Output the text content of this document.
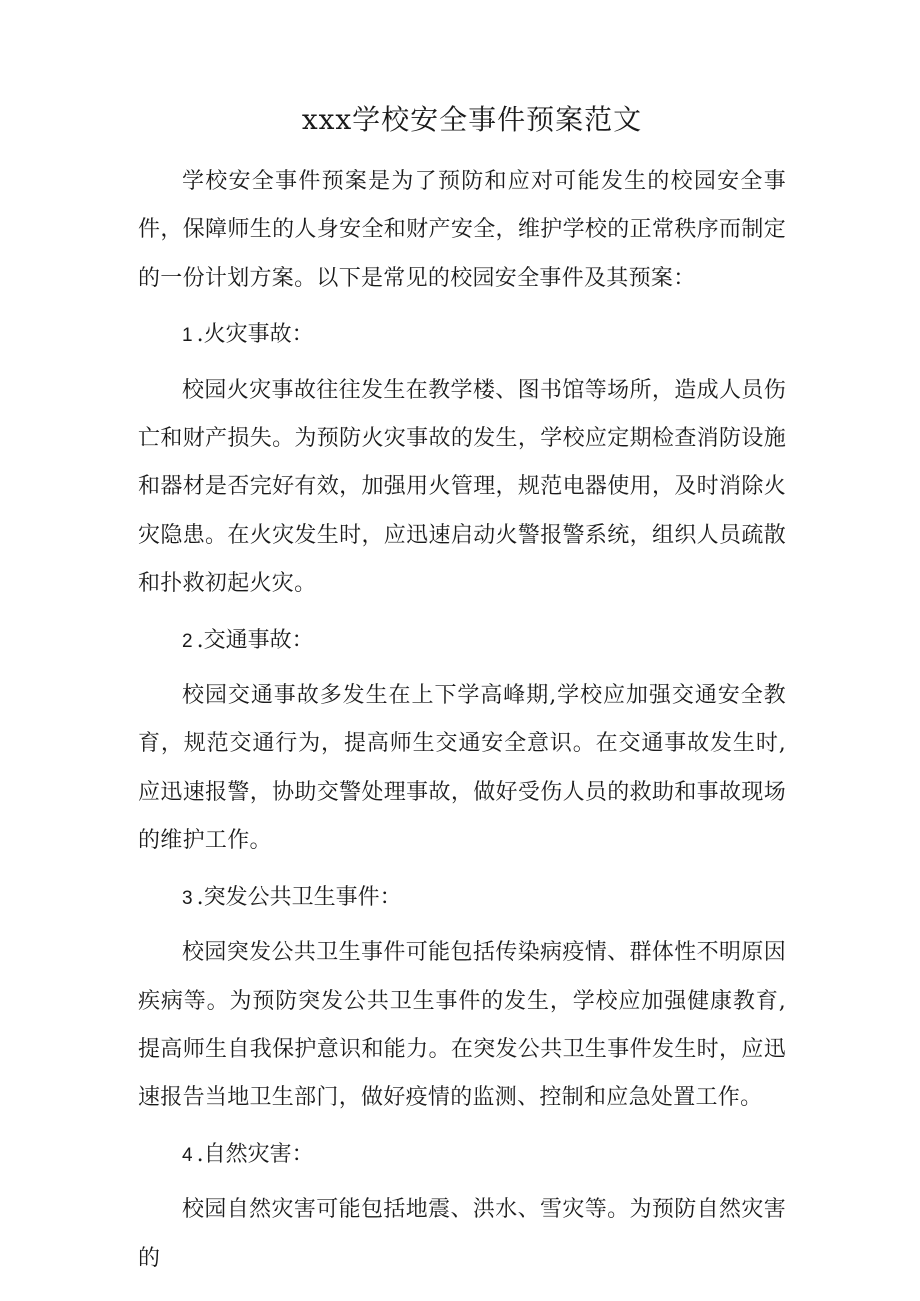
xxx学校安全事件预案范文

学校安全事件预案是为了预防和应对可能发生的校园安全事件，保障师生的人身安全和财产安全，维护学校的正常秩序而制定的一份计划方案。以下是常见的校园安全事件及其预案：

1 .火灾事故：

校园火灾事故往往发生在教学楼、图书馆等场所，造成人员伤亡和财产损失。为预防火灾事故的发生，学校应定期检查消防设施和器材是否完好有效，加强用火管理，规范电器使用，及时消除火灾隐患。在火灾发生时，应迅速启动火警报警系统，组织人员疏散和扑救初起火灾。

2 .交通事故：

校园交通事故多发生在上下学高峰期,学校应加强交通安全教育，规范交通行为，提高师生交通安全意识。在交通事故发生时,应迅速报警，协助交警处理事故，做好受伤人员的救助和事故现场的维护工作。

3 .突发公共卫生事件：

校园突发公共卫生事件可能包括传染病疫情、群体性不明原因疾病等。为预防突发公共卫生事件的发生，学校应加强健康教育,提高师生自我保护意识和能力。在突发公共卫生事件发生时，应迅速报告当地卫生部门，做好疫情的监测、控制和应急处置工作。

4 .自然灾害：

校园自然灾害可能包括地震、洪水、雪灾等。为预防自然灾害的
